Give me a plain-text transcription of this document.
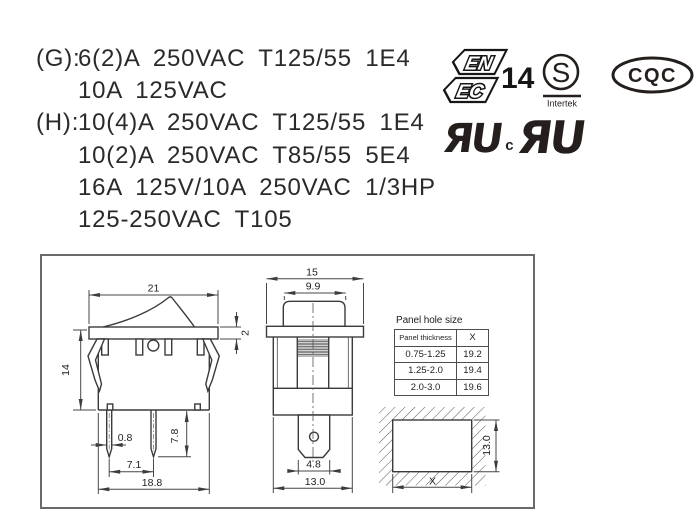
(G):
6(2)A 250VAC T125/55 1E4
10A 125VAC
(H):
10(4)A 250VAC T125/55 1E4
10(2)A 250VAC T85/55 5E4
16A 125V/10A 250VAC 1/3HP
125-250VAC T105
EN
EC 14 S
Intertek
CQC
ЯU c ЯU
21
2
14
0.8	7.8
7.1
18.8
15
9.9
4.8
13.0
13.0
X
Panel hole size
Panel thickness	X
0.75-1.25	19.2
1.25-2.0	19.4
2.0-3.0	19.6
